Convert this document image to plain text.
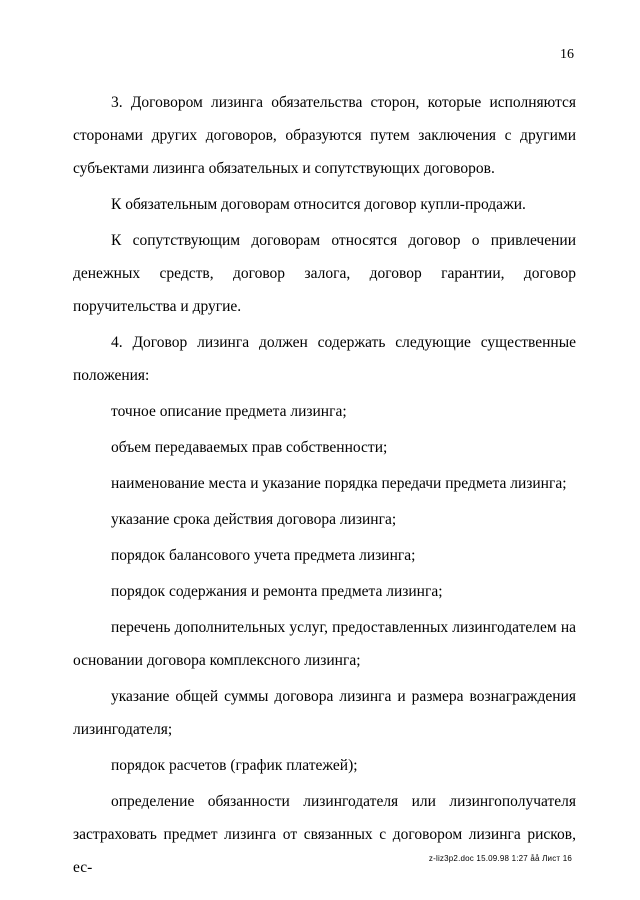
16

3. Договором лизинга обязательства сторон, которые исполняются сторонами других договоров, образуются путем заключения с другими субъектами лизинга обязательных и сопутствующих договоров.

К обязательным договорам относится договор купли-продажи.

К сопутствующим договорам относятся договор о привлечении денежных средств, договор залога, договор гарантии, договор поручительства и другие.

4. Договор лизинга должен содержать следующие существенные положения:

точное описание предмета лизинга;

объем передаваемых прав собственности;

наименование места и указание порядка передачи предмета лизинга;

указание срока действия договора лизинга;

порядок балансового учета предмета лизинга;

порядок содержания и ремонта предмета лизинга;

перечень дополнительных услуг, предоставленных лизингодателем на основании договора комплексного лизинга;

указание общей суммы договора лизинга и размера вознаграждения лизингодателя;

порядок расчетов (график платежей);

определение обязанности лизингодателя или лизингополучателя застраховать предмет лизинга от связанных с договором лизинга рисков, ес-

z-liz3p2.doc 15.09.98 1:27 åå Лист 16
